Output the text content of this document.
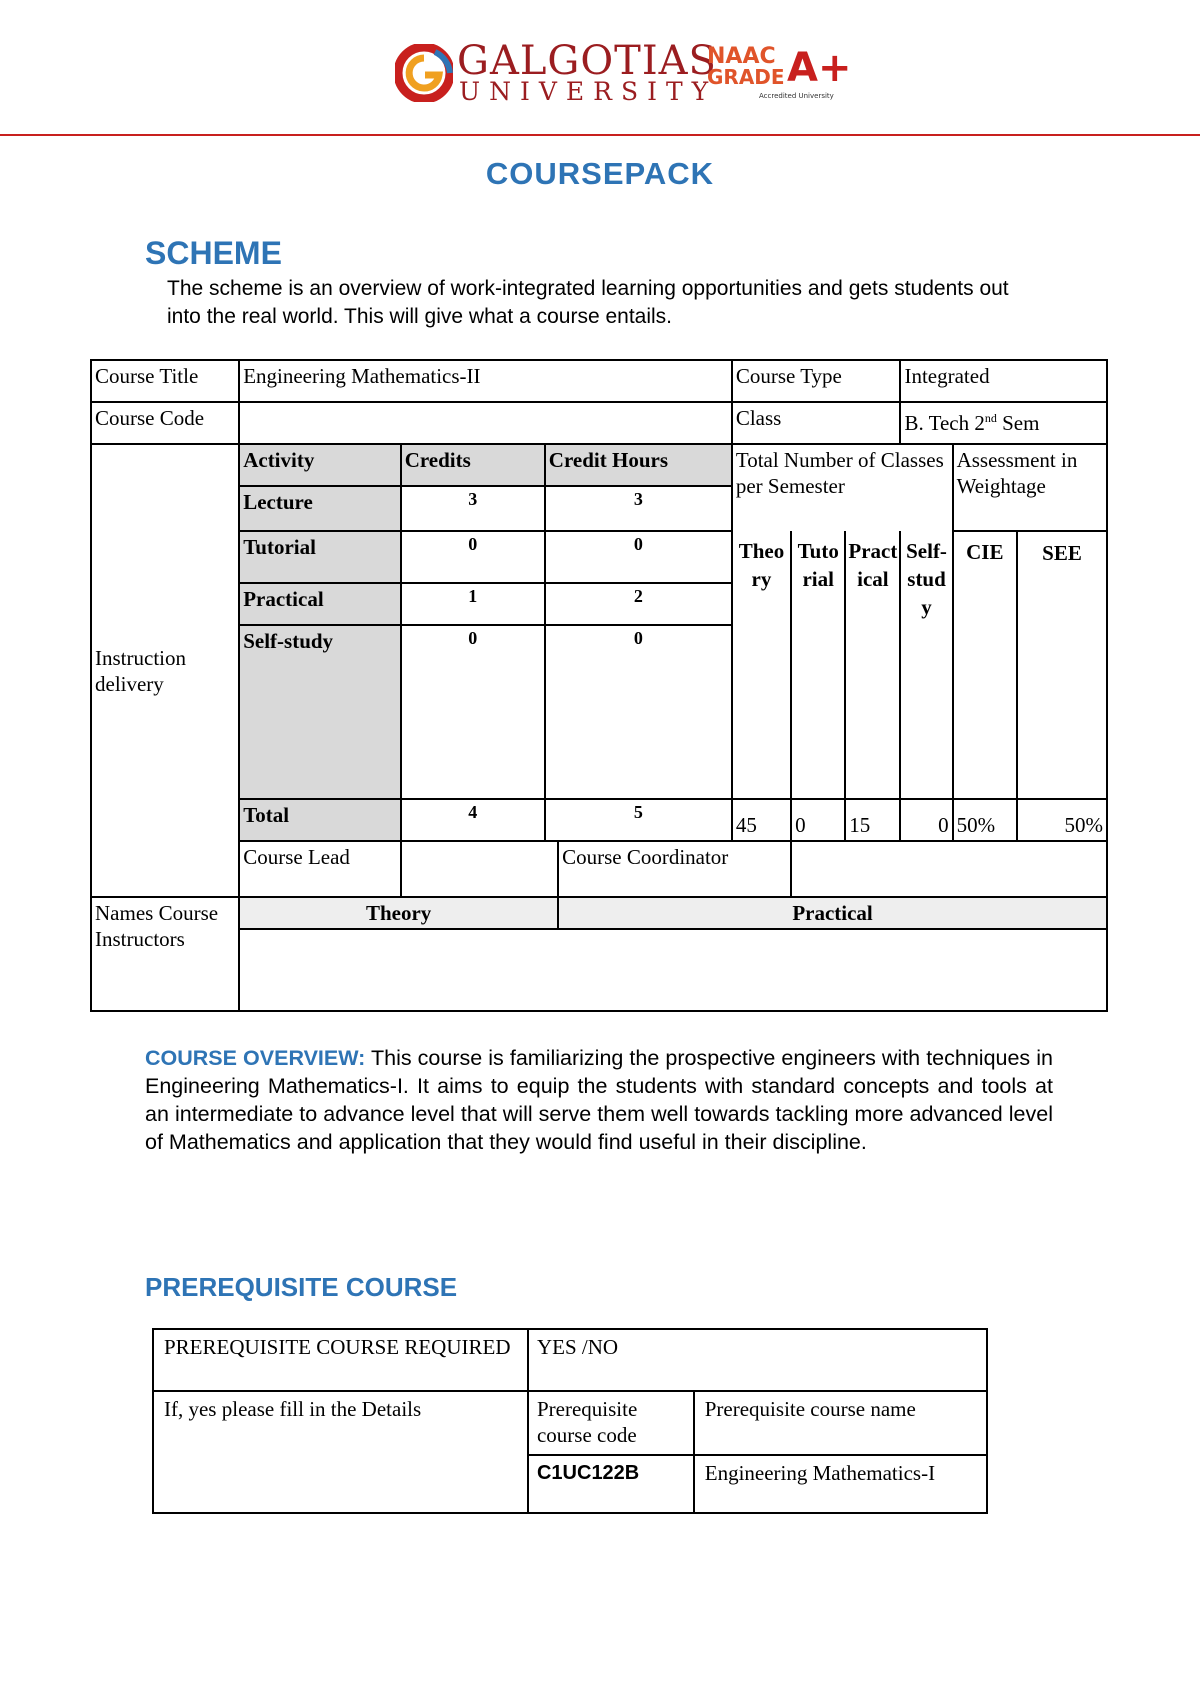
GALGOTIAS
UNIVERSITY
NAAC
GRADE A+
Accredited University
COURSEPACK
SCHEME
The scheme is an overview of work-integrated learning opportunities and gets students out into the real world. This will give what a course entails.
Course Title	Engineering Mathematics-II				Course Type			Integrated		
Course Code					Class			B. Tech 2nd Sem		
Instruction delivery	Activity	Credits	Credit Hours		Total Number of Classes per Semester				Assessment in Weightage	
	Lecture	3	3							
	Tutorial	0	0		Theory	Tutorial	Practical	Self-study	CIE	SEE
	Practical	1	2							
	Self-study	0	0							
	Total	4	5		45	0	15	0	50%	50%
	Course Lead			Course Coordinator						
Names Course Instructors	Theory			Practical						

COURSE OVERVIEW: This course is familiarizing the prospective engineers with techniques in Engineering Mathematics-I. It aims to equip the students with standard concepts and tools at an intermediate to advance level that will serve them well towards tackling more advanced level of Mathematics and application that they would find useful in their discipline.
PREREQUISITE COURSE
PREREQUISITE COURSE REQUIRED	YES /NO	
If, yes please fill in the Details	Prerequisite course code	Prerequisite course name
	C1UC122B	Engineering Mathematics-I
